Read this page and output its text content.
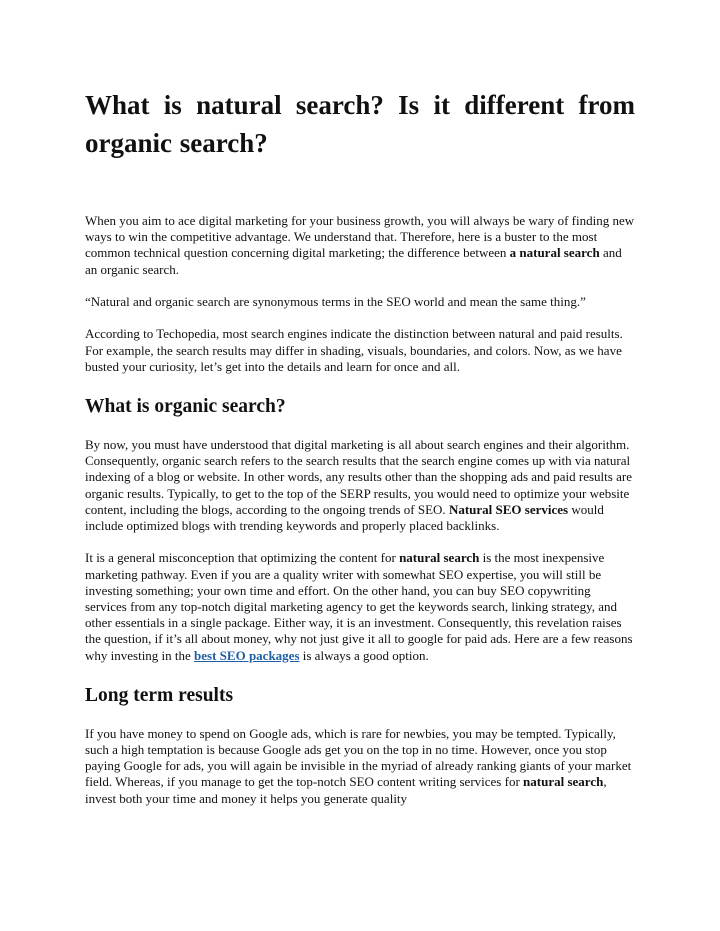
What is natural search? Is it different from organic search?

When you aim to ace digital marketing for your business growth, you will always be wary of finding new ways to win the competitive advantage. We understand that. Therefore, here is a buster to the most common technical question concerning digital marketing; the difference between a natural search and an organic search.

“Natural and organic search are synonymous terms in the SEO world and mean the same thing.”

According to Techopedia, most search engines indicate the distinction between natural and paid results. For example, the search results may differ in shading, visuals, boundaries, and colors. Now, as we have busted your curiosity, let’s get into the details and learn for once and all.

What is organic search?

By now, you must have understood that digital marketing is all about search engines and their algorithm. Consequently, organic search refers to the search results that the search engine comes up with via natural indexing of a blog or website. In other words, any results other than the shopping ads and paid results are organic results. Typically, to get to the top of the SERP results, you would need to optimize your website content, including the blogs, according to the ongoing trends of SEO. Natural SEO services would include optimized blogs with trending keywords and properly placed backlinks.

It is a general misconception that optimizing the content for natural search is the most inexpensive marketing pathway. Even if you are a quality writer with somewhat SEO expertise, you will still be investing something; your own time and effort. On the other hand, you can buy SEO copywriting services from any top-notch digital marketing agency to get the keywords search, linking strategy, and other essentials in a single package. Either way, it is an investment. Consequently, this revelation raises the question, if it’s all about money, why not just give it all to google for paid ads. Here are a few reasons why investing in the best SEO packages is always a good option.

Long term results

If you have money to spend on Google ads, which is rare for newbies, you may be tempted. Typically, such a high temptation is because Google ads get you on the top in no time. However, once you stop paying Google for ads, you will again be invisible in the myriad of already ranking giants of your market field. Whereas, if you manage to get the top-notch SEO content writing services for natural search, invest both your time and money it helps you generate quality
